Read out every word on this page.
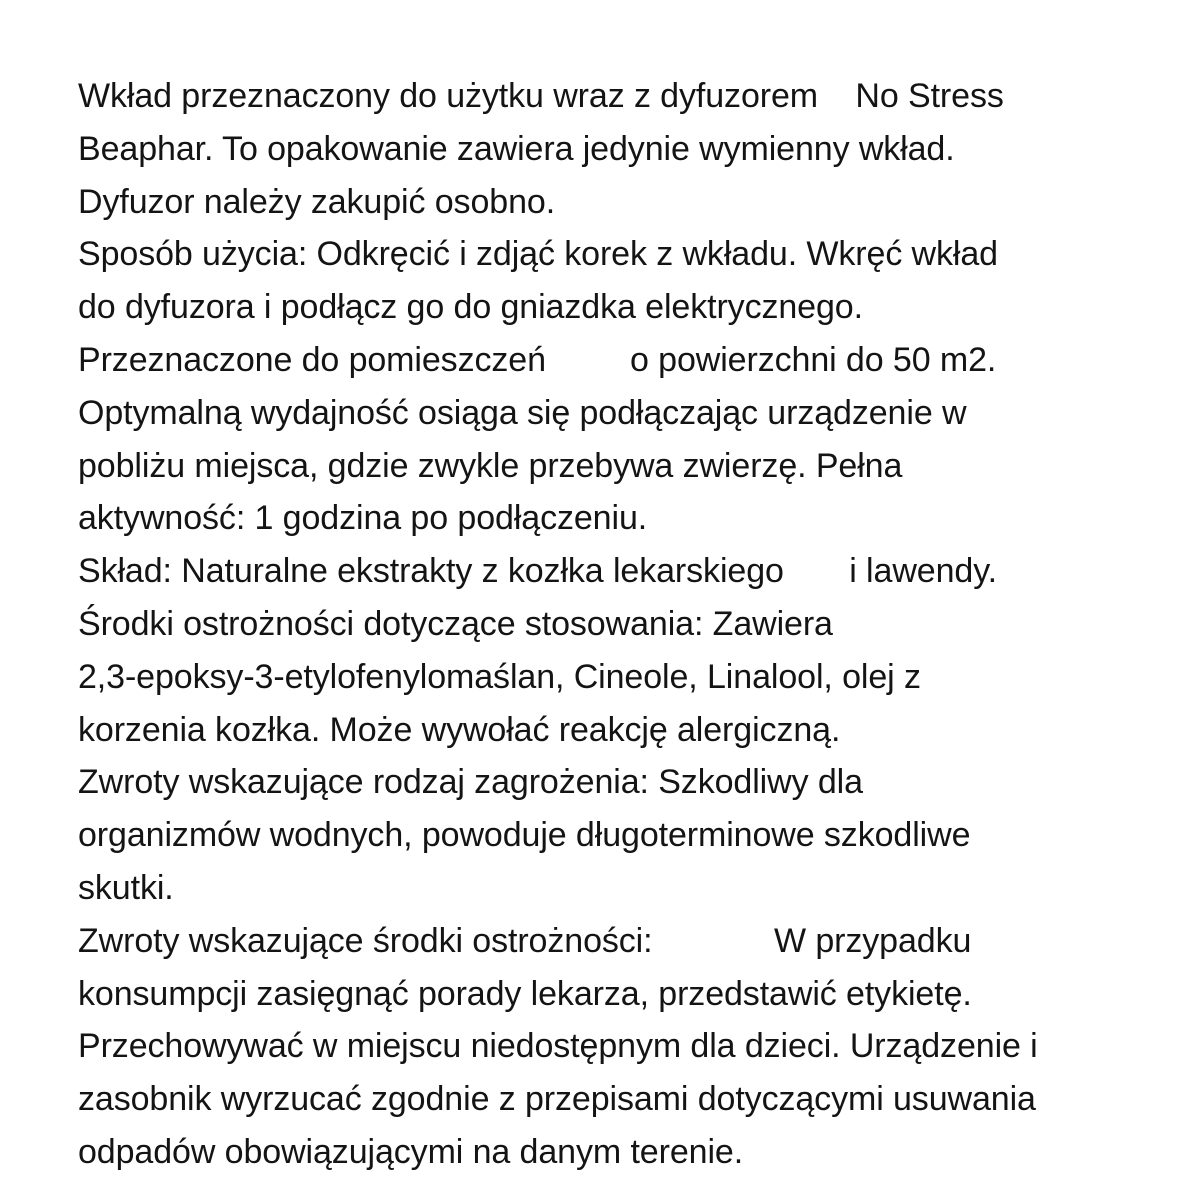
Wkład przeznaczony do użytku wraz z dyfuzorem    No Stress
Beaphar. To opakowanie zawiera jedynie wymienny wkład.
Dyfuzor należy zakupić osobno.
Sposób użycia: Odkręcić i zdjąć korek z wkładu. Wkręć wkład
do dyfuzora i podłącz go do gniazdka elektrycznego.
Przeznaczone do pomieszczeń         o powierzchni do 50 m2.
Optymalną wydajność osiąga się podłączając urządzenie w
pobliżu miejsca, gdzie zwykle przebywa zwierzę. Pełna
aktywność: 1 godzina po podłączeniu.
Skład: Naturalne ekstrakty z kozłka lekarskiego       i lawendy.
Środki ostrożności dotyczące stosowania: Zawiera
2,3-epoksy-3-etylofenylomaślan, Cineole, Linalool, olej z
korzenia kozłka. Może wywołać reakcję alergiczną.
Zwroty wskazujące rodzaj zagrożenia: Szkodliwy dla
organizmów wodnych, powoduje długoterminowe szkodliwe
skutki.
Zwroty wskazujące środki ostrożności:             W przypadku
konsumpcji zasięgnąć porady lekarza, przedstawić etykietę.
Przechowywać w miejscu niedostępnym dla dzieci. Urządzenie i
zasobnik wyrzucać zgodnie z przepisami dotyczącymi usuwania
odpadów obowiązującymi na danym terenie.
